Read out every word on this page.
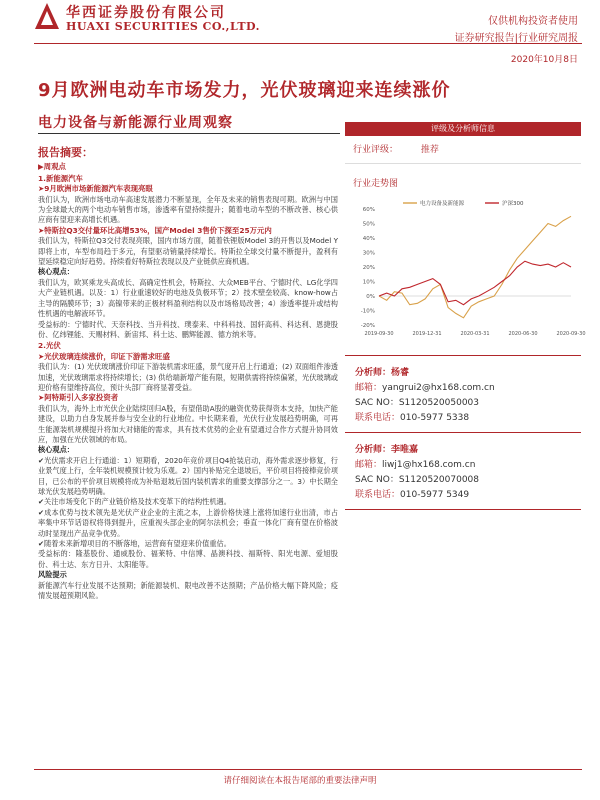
华西证券股份有限公司
HUAXI SECURITIES CO.,LTD.	仅供机构投资者使用
证券研究报告|行业研究周报
2020年10月8日
9月欧洲电动车市场发力，光伏玻璃迎来连续涨价
电力设备与新能源行业周观察
报告摘要：
▶周观点
1.新能源汽车
➤9月欧洲市场新能源汽车表现亮眼
我们认为，欧洲市场电动车高速发展潜力不断显现，全年及未来的销售表现可期。欧洲与中国为全球最大的两个电动车销售市场，渗透率有望持续提升；随着电动车型的不断改善、核心供应商有望迎来高增长机遇。
➤特斯拉Q3交付量环比高增53%，国产Model 3售价下探至25万元内
我们认为，特斯拉Q3交付表现亮眼，国内市场方面，随着铁锂版Model 3的开售以及Model Y即将上市，车型布局趋于多元，有望驱动销量持续增长。特斯拉全球交付量不断提升，盈利有望延续稳定向好趋势。持续看好特斯拉表现以及产业链供应商机遇。
核心观点：
我们认为，欧冥乘龙头高成长、高确定性机会，特斯拉、大众MEB平台、宁德时代、LG化学四大产业链机遇。以及：1）行业重速较好的电池及负极环节；2）技术壁垒较高、know-how占主导的隔膜环节；3）高镍带来的正极材料盈利结构以及市场格局改善；4）渗透率提升或结构性机遇的电解液环节。
受益标的：宁德时代、天奈科技、当升科技、璞泰来、中科科技、国轩高科、科达利、恩捷股份、亿纬锂能、天赐材料、新宙邦、科士达、鹏辉能源、德方纳米等。
2.光伏
➤光伏玻璃连续涨价，印证下游需求旺盛
我们认为：(1) 光伏玻璃涨价印证下游装机需求旺盛，景气度开启上行通道；(2) 双面组件渗透加速，光伏玻璃需求将持续增长；(3) 供给端新增产能有限，短期供需将持续偏紧，光伏玻璃或迎价格有望维持高位，预计头部厂商将显著受益。
➤阿特斯引入多家投资者
我们认为，海外上市光伏企业陆续回归A股，有望借助A股的融资优势获得资本支持，加快产能建设，以助力自身发展并参与安全业的行业地位。中长期来看，光伏行业发展趋势明确，可再生能源装机规模提升将加大对储能的需求，具有技术优势的企业有望通过合作方式提升协同效应，加强在光伏领域的布局。
核心观点：
✔光伏需求开启上行通道：1）短期看，2020年竞价项目Q4抢装启动，海外需求逐步修复，行业景气度上行，全年装机规模预计较为乐观。2）国内补贴完全退坡后，平价项目将接棒竞价项目，已公布的平价项目规模将成为补贴退坡后国内装机需求的重要支撑部分之一。3）中长期全球光伏发展趋势明确。
✔关注市场变化下的产业链价格及技术变革下的结构性机遇。
✔成本优势与技术领先是光伏产业企业的主流之本，上游价格快速上涨将加速行业出清，市占率集中环节话语权将得到提升，应重视头部企业的阿尔法机会；垂直一体化厂商有望在价格波动时显现出产品竞争优势。
✔随着未来新增项目的不断落地，运营商有望迎来价值重估。
受益标的：隆基股份、通威股份、福莱特、中信博、晶澳科技、福斯特、阳光电源、爱旭股份、科士达、东方日升、太阳能等。
风险提示
新能源汽车行业发展不达预期；新能源装机、限电改善不达预期；产品价格大幅下降风险；疫情发展超预期风险。
评级及分析师信息
行业评级：	推荐
行业走势图
60%
50%
40%
30%
20%
10%
0%
-10%
-20%
2019-09-30	2019-12-31	2020-03-31	2020-06-30	2020-09-30
电力设备及新能源	沪深300
分析师：杨睿
邮箱：yangrui2@hx168.com.cn
SAC NO：S1120520050003
联系电话：010-5977 5338
分析师：李唯嘉
邮箱：liwj1@hx168.com.cn
SAC NO：S1120520070008
联系电话：010-5977 5349
请仔细阅读在本报告尾部的重要法律声明
